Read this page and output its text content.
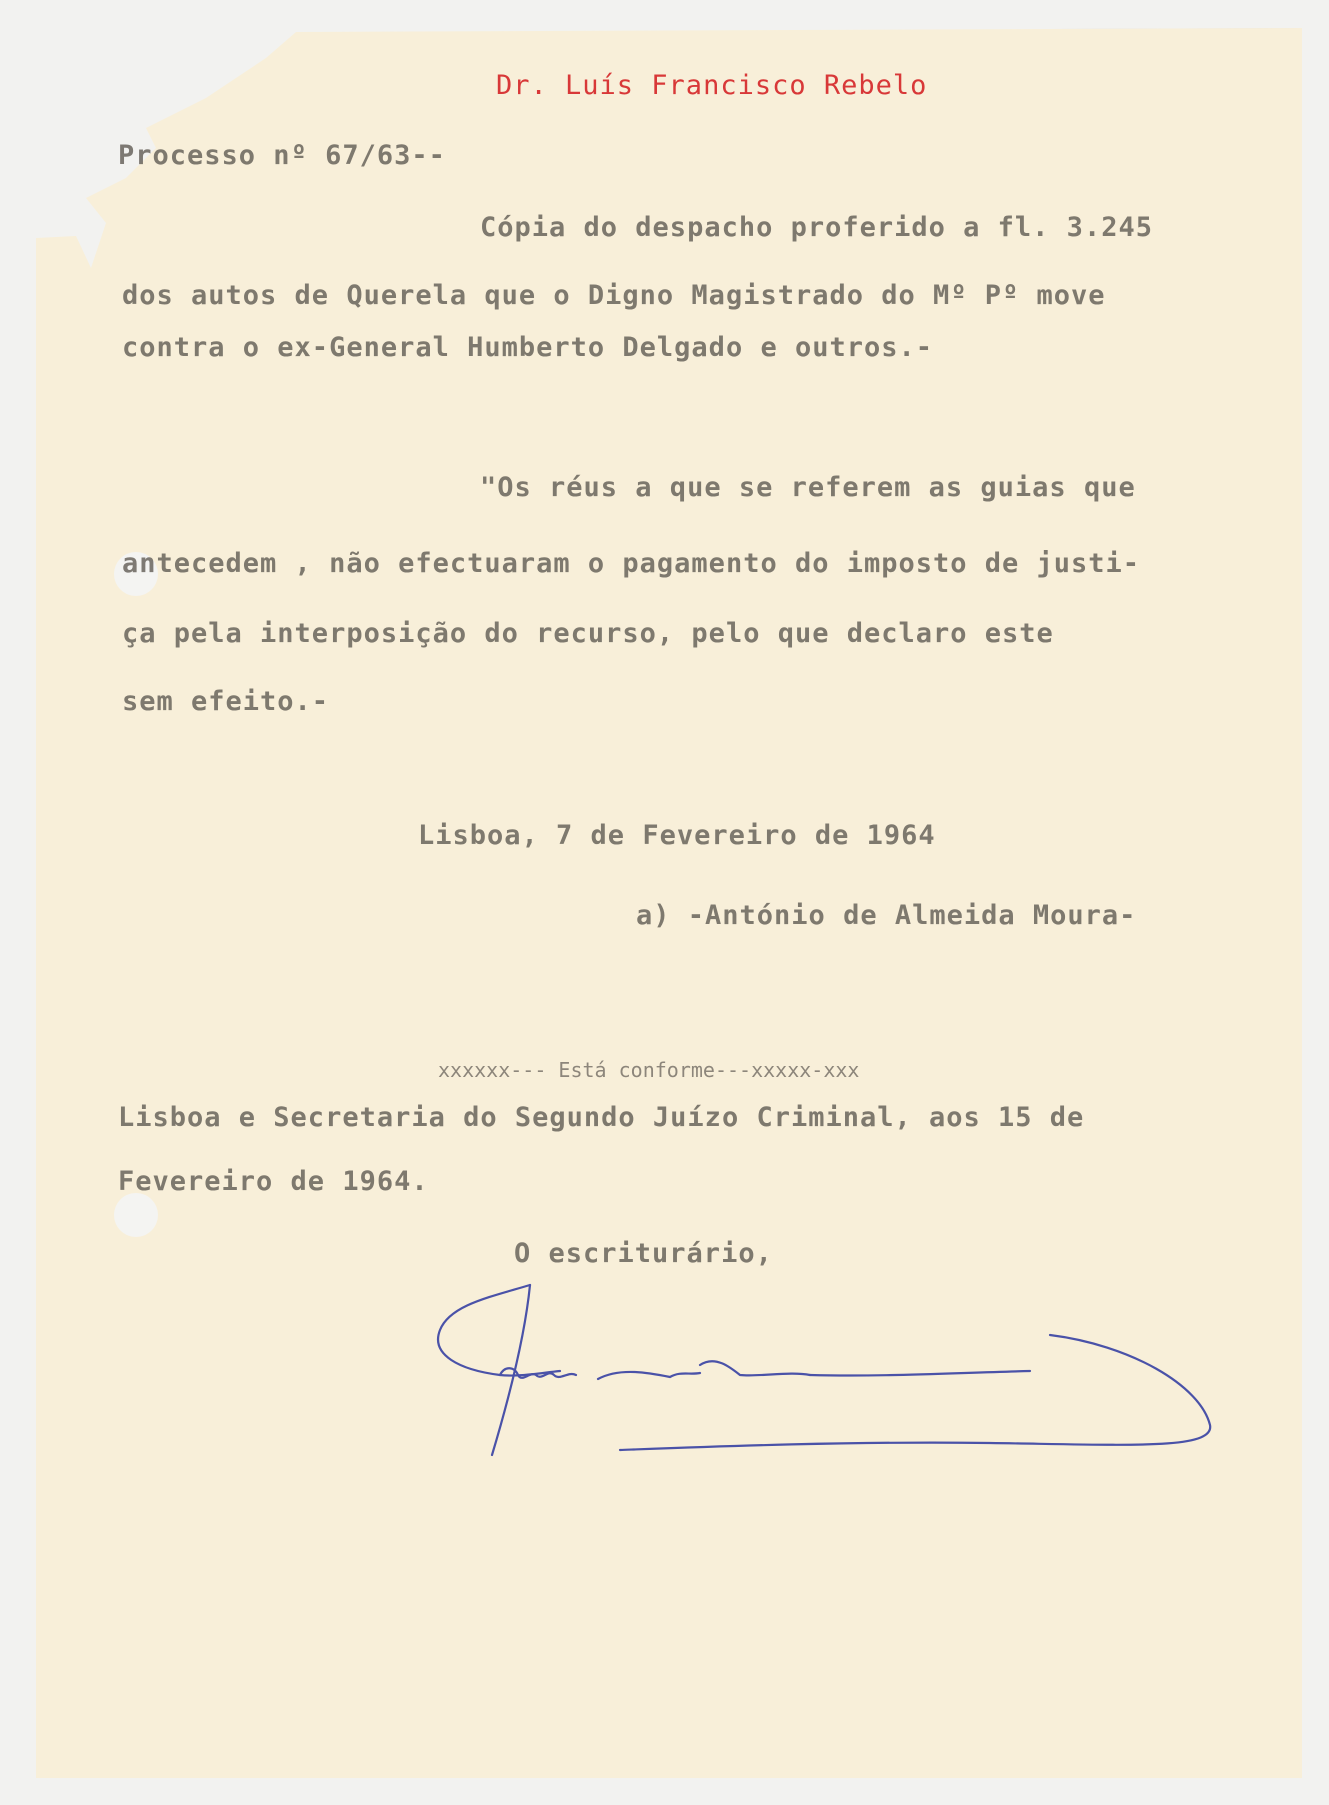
Dr. Luís Francisco Rebelo
Processo nº 67/63--
Cópia do despacho proferido a fl. 3.245
dos autos de Querela que o Digno Magistrado do Mº Pº move
contra o ex-General Humberto Delgado e outros.-
"Os réus a que se referem as guias que
antecedem , não efectuaram o pagamento do imposto de justi-
ça pela interposição do recurso, pelo que declaro este
sem efeito.-
Lisboa, 7 de Fevereiro de 1964
a) -António de Almeida Moura-
xxxxxx--- Está conforme---xxxxx-xxx
Lisboa e Secretaria do Segundo Juízo Criminal, aos 15 de
Fevereiro de 1964.
O escriturário,
